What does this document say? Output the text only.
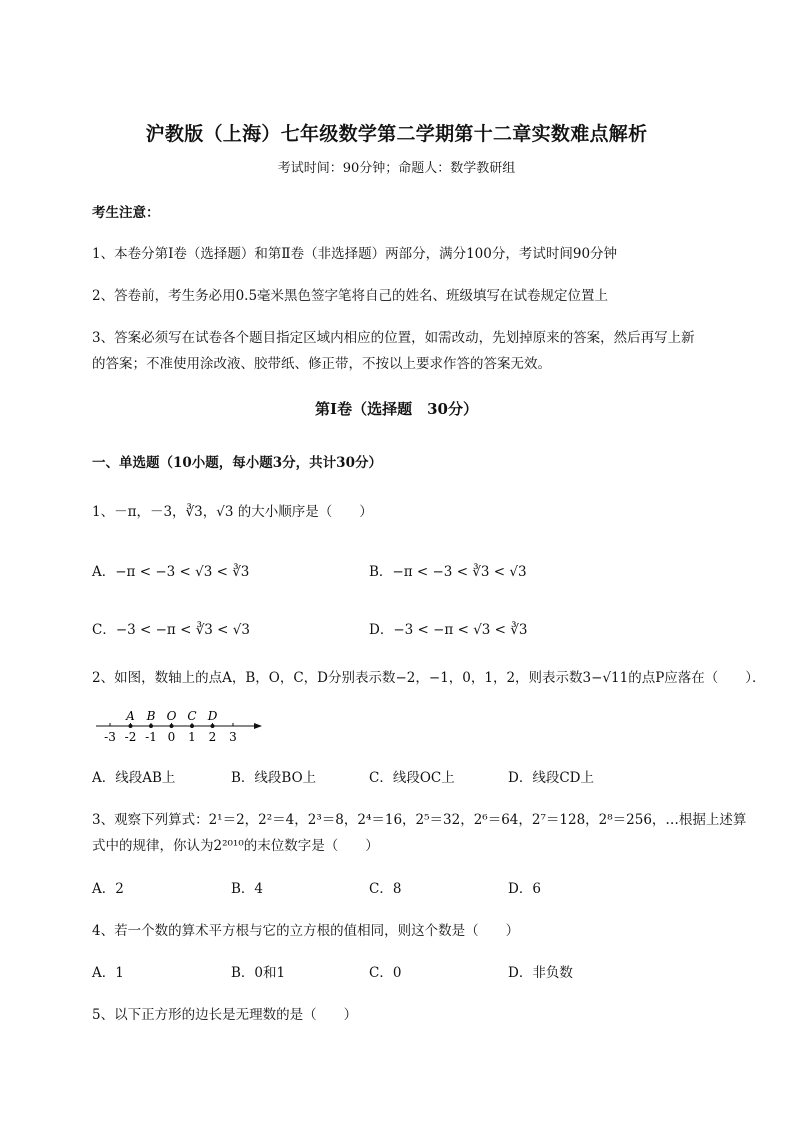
沪教版（上海）七年级数学第二学期第十二章实数难点解析
考试时间：90分钟；命题人：数学教研组
考生注意：
1、本卷分第I卷（选择题）和第Ⅱ卷（非选择题）两部分，满分100分，考试时间90分钟
2、答卷前，考生务必用0.5毫米黑色签字笔将自己的姓名、班级填写在试卷规定位置上
3、答案必须写在试卷各个题目指定区域内相应的位置，如需改动，先划掉原来的答案，然后再写上新
的答案；不准使用涂改液、胶带纸、修正带，不按以上要求作答的答案无效。
第I卷（选择题　30分）
一、单选题（10小题，每小题3分，共计30分）
1、－π，－3，∛3，√3 的大小顺序是（　　）
A．−π < −3 < √3 < ∛3	B．−π < −3 < ∛3 < √3
C．−3 < −π < ∛3 < √3	D．−3 < −π < √3 < ∛3
2、如图，数轴上的点A，B，O，C，D分别表示数−2，−1，0，1，2，则表示数3−√11的点P应落在（　　）．
A B O C D
-3 -2 -1 0 1 2 3
A．线段AB上	B．线段BO上	C．线段OC上	D．线段CD上
3、观察下列算式：2¹＝2，2²＝4，2³＝8，2⁴＝16，2⁵＝32，2⁶＝64，2⁷＝128，2⁸＝256，…根据上述算
式中的规律，你认为2²⁰¹⁰的末位数字是（　　）
A．2	B．4	C．8	D．6
4、若一个数的算术平方根与它的立方根的值相同，则这个数是（　　）
A．1	B．0和1	C．0	D．非负数
5、以下正方形的边长是无理数的是（　　）
